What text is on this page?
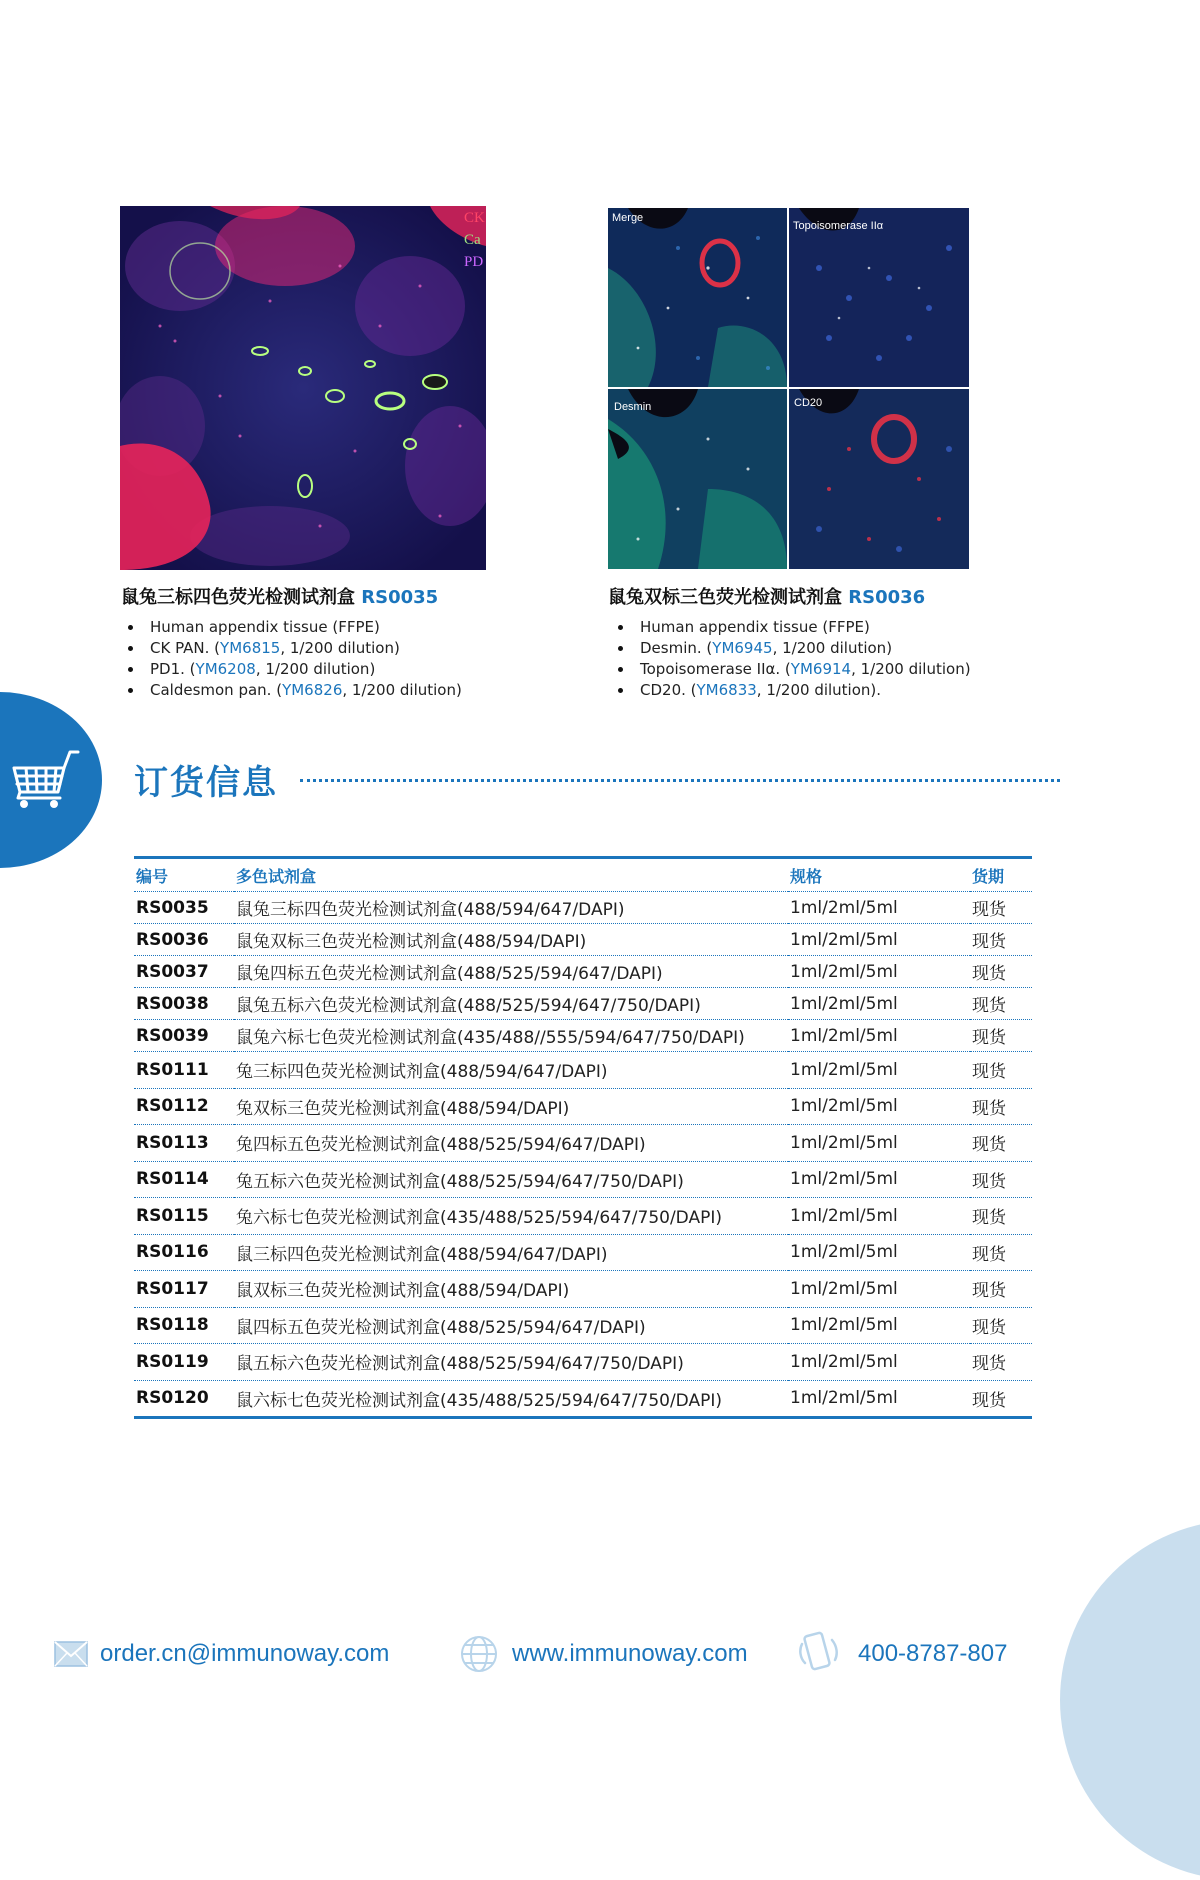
CK
Ca
PD
鼠兔三标四色荧光检测试剂盒 RS0035
Human appendix tissue (FFPE)
CK PAN. (YM6815, 1/200 dilution)
PD1. (YM6208, 1/200 dilution)
Caldesmon pan. (YM6826, 1/200 dilution)
Merge
Topoisomerase IIα
Desmin	CD20
鼠兔双标三色荧光检测试剂盒 RS0036
Human appendix tissue (FFPE)
Desmin. (YM6945, 1/200 dilution)
Topoisomerase IIα. (YM6914, 1/200 dilution)
CD20. (YM6833, 1/200 dilution).
订货信息
编号	多色试剂盒	规格	货期
RS0035	鼠兔三标四色荧光检测试剂盒(488/594/647/DAPI)	1ml/2ml/5ml	现货
RS0036	鼠兔双标三色荧光检测试剂盒(488/594/DAPI)	1ml/2ml/5ml	现货
RS0037	鼠兔四标五色荧光检测试剂盒(488/525/594/647/DAPI)	1ml/2ml/5ml	现货
RS0038	鼠兔五标六色荧光检测试剂盒(488/525/594/647/750/DAPI)	1ml/2ml/5ml	现货
RS0039	鼠兔六标七色荧光检测试剂盒(435/488//555/594/647/750/DAPI)	1ml/2ml/5ml	现货
RS0111	兔三标四色荧光检测试剂盒(488/594/647/DAPI)	1ml/2ml/5ml	现货
RS0112	兔双标三色荧光检测试剂盒(488/594/DAPI)	1ml/2ml/5ml	现货
RS0113	兔四标五色荧光检测试剂盒(488/525/594/647/DAPI)	1ml/2ml/5ml	现货
RS0114	兔五标六色荧光检测试剂盒(488/525/594/647/750/DAPI)	1ml/2ml/5ml	现货
RS0115	兔六标七色荧光检测试剂盒(435/488/525/594/647/750/DAPI)	1ml/2ml/5ml	现货
RS0116	鼠三标四色荧光检测试剂盒(488/594/647/DAPI)	1ml/2ml/5ml	现货
RS0117	鼠双标三色荧光检测试剂盒(488/594/DAPI)	1ml/2ml/5ml	现货
RS0118	鼠四标五色荧光检测试剂盒(488/525/594/647/DAPI)	1ml/2ml/5ml	现货
RS0119	鼠五标六色荧光检测试剂盒(488/525/594/647/750/DAPI)	1ml/2ml/5ml	现货
RS0120	鼠六标七色荧光检测试剂盒(435/488/525/594/647/750/DAPI)	1ml/2ml/5ml	现货
order.cn@immunoway.com	www.immunoway.com	400-8787-807
